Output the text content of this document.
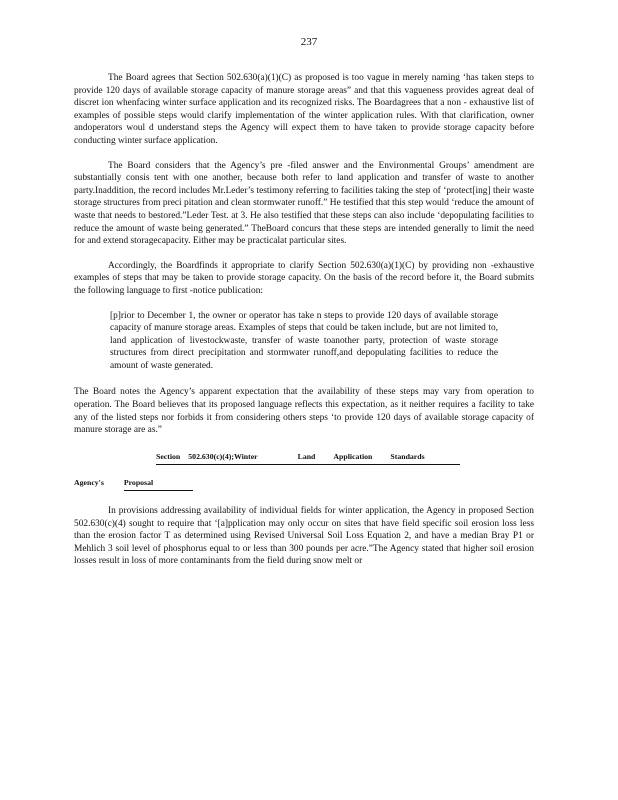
237

The Board agrees that Section 502.630(a)(1)(C) as proposed is too vague in merely naming ‘has taken steps to provide 120 days of available storage capacity of manure storage areas” and that this vagueness provides agreat deal of discret ion whenfacing winter surface application and its recognized risks. The Boardagrees that a non - exhaustive list of examples of possible steps would clarify implementation of the winter application rules. With that clarification, owner andoperators woul d understand steps the Agency will expect them to have taken to provide storage capacity before conducting winter surface application.

The Board considers that the Agency’s pre -filed answer and the Environmental Groups’ amendment are substantially consis tent with one another, because both refer to land application and transfer of waste to another party.Inaddition, the record includes Mr.Leder’s testimony referring to facilities taking the step of ‘protect[ing] their waste storage structures from preci pitation and clean stormwater runoff.” He testified that this step would ‘reduce the amount of waste that needs to bestored.”Leder Test. at 3. He also testified that these steps can also include ‘depopulating facilities to reduce the amount of waste being generated.” TheBoard concurs that these steps are intended generally to limit the need for and extend storagecapacity. Either may be practicalat particular sites.

Accordingly, the Boardfinds it appropriate to clarify Section 502.630(a)(1)(C) by providing non -exhaustive examples of steps that may be taken to provide storage capacity. On the basis of the record before it, the Board submits the following language to first -notice publication:

[p]rior to December 1, the owner or operator has take n steps to provide 120 days of available storage capacity of manure storage areas. Examples of steps that could be taken include, but are not limited to, land application of livestockwaste, transfer of waste toanother party, protection of waste storage structures from direct precipitation and stormwater runoff,and depopulating facilities to reduce the amount of waste generated.

The Board notes the Agency’s apparent expectation that the availability of these steps may vary from operation to operation. The Board believes that its proposed language reflects this expectation, as it neither requires a facility to take any of the listed steps nor forbids it from considering others steps ‘to provide 120 days of available storage capacity of manure storage are as.”

Section 502.630(c)(4);Winter	Land Application Standards
Agency's	Proposal

In provisions addressing availability of individual fields for winter application, the Agency in proposed Section 502.630(c)(4) sought to require that ‘[a]pplication may only occur on sites that have field specific soil erosion loss less than the erosion factor T as determined using Revised Universal Soil Loss Equation 2, and have a median Bray P1 or Mehlich 3 soil level of phosphorus equal to or less than 300 pounds per acre.”The Agency stated that higher soil erosion losses result in loss of more contaminants from the field during snow melt or
